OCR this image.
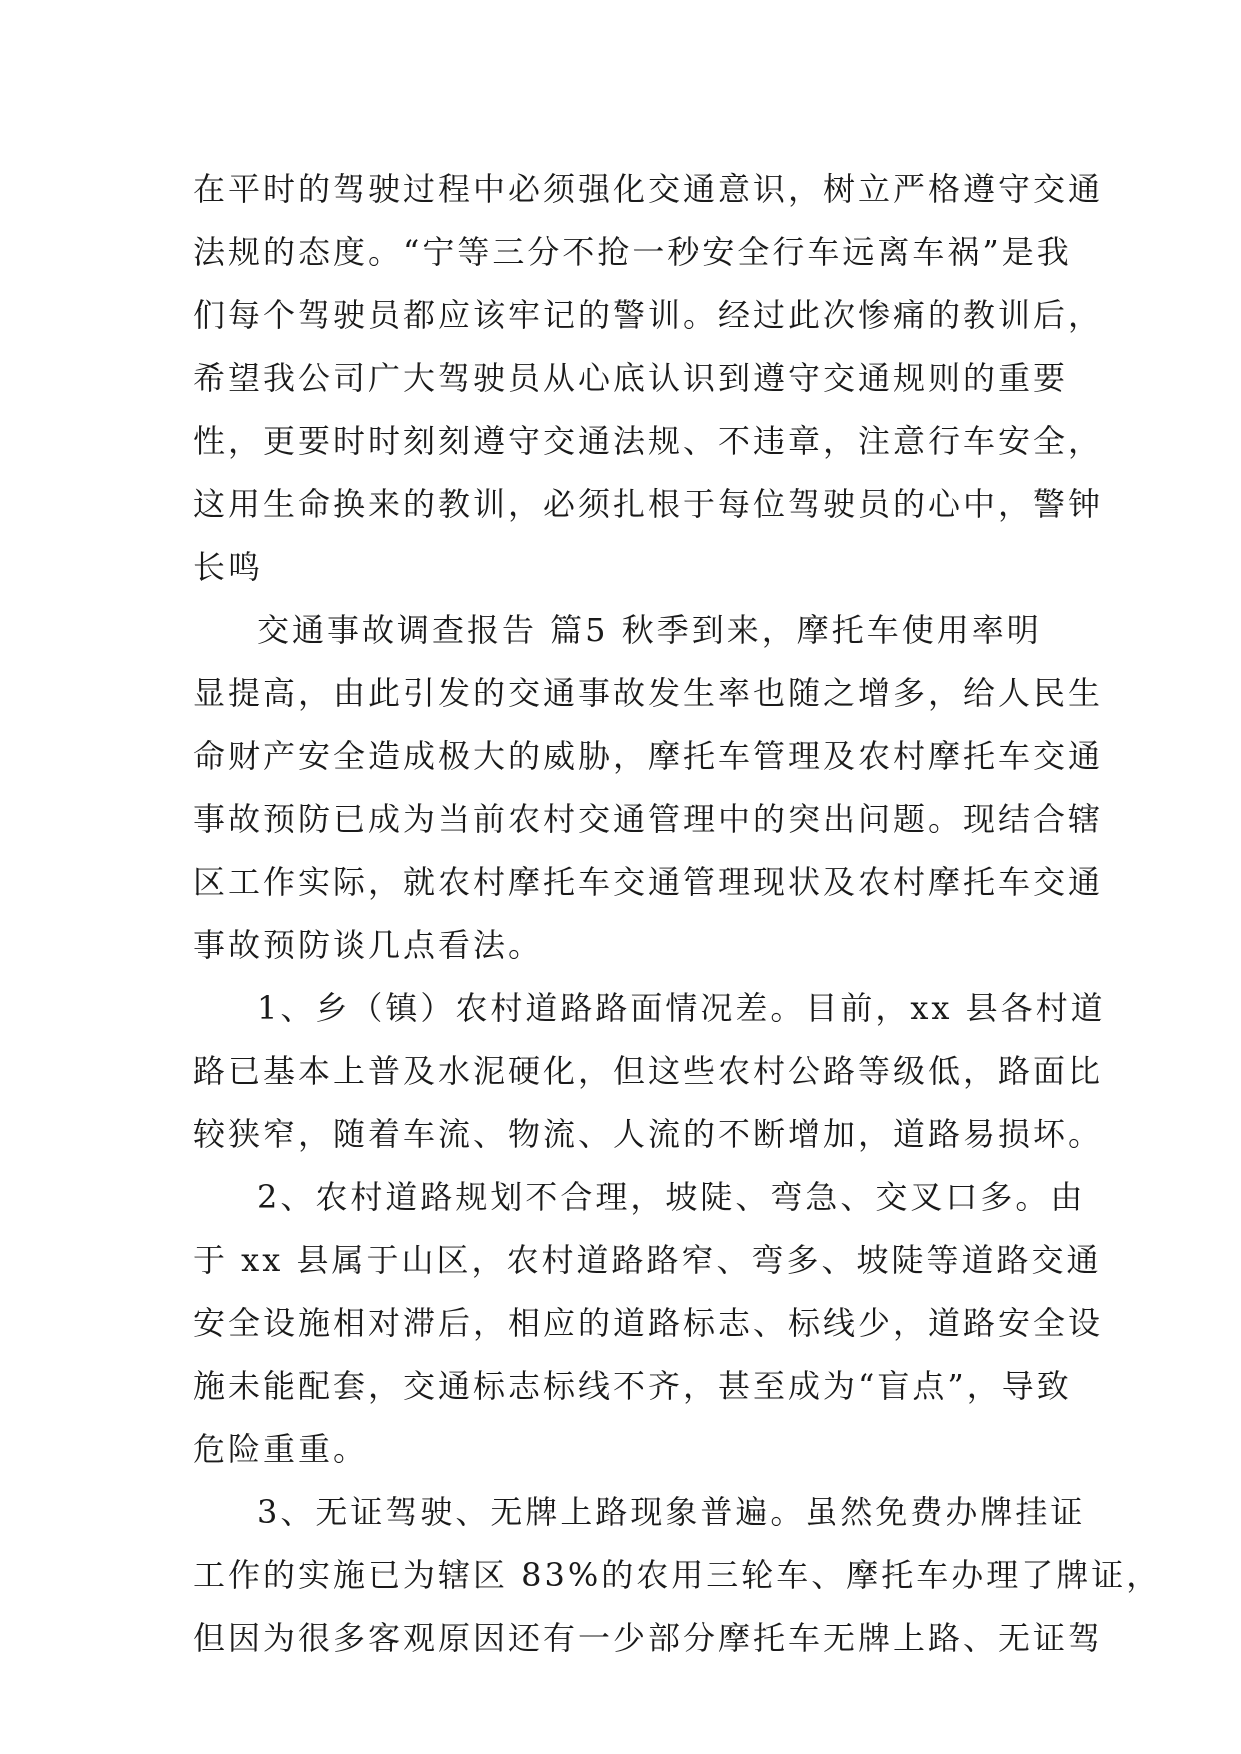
在平时的驾驶过程中必须强化交通意识，树立严格遵守交通
法规的态度。“宁等三分不抢一秒安全行车远离车祸”是我
们每个驾驶员都应该牢记的警训。经过此次惨痛的教训后，
希望我公司广大驾驶员从心底认识到遵守交通规则的重要
性，更要时时刻刻遵守交通法规、不违章，注意行车安全，
这用生命换来的教训，必须扎根于每位驾驶员的心中，警钟
长鸣
交通事故调查报告 篇5 秋季到来，摩托车使用率明
显提高，由此引发的交通事故发生率也随之增多，给人民生
命财产安全造成极大的威胁，摩托车管理及农村摩托车交通
事故预防已成为当前农村交通管理中的突出问题。现结合辖
区工作实际，就农村摩托车交通管理现状及农村摩托车交通
事故预防谈几点看法。
1、乡（镇）农村道路路面情况差。目前，xx 县各村道
路已基本上普及水泥硬化，但这些农村公路等级低，路面比
较狭窄，随着车流、物流、人流的不断增加，道路易损坏。
2、农村道路规划不合理，坡陡、弯急、交叉口多。由
于 xx 县属于山区，农村道路路窄、弯多、坡陡等道路交通
安全设施相对滞后，相应的道路标志、标线少，道路安全设
施未能配套，交通标志标线不齐，甚至成为“盲点”，导致
危险重重。
3、无证驾驶、无牌上路现象普遍。虽然免费办牌挂证
工作的实施已为辖区 83%的农用三轮车、摩托车办理了牌证，
但因为很多客观原因还有一少部分摩托车无牌上路、无证驾
